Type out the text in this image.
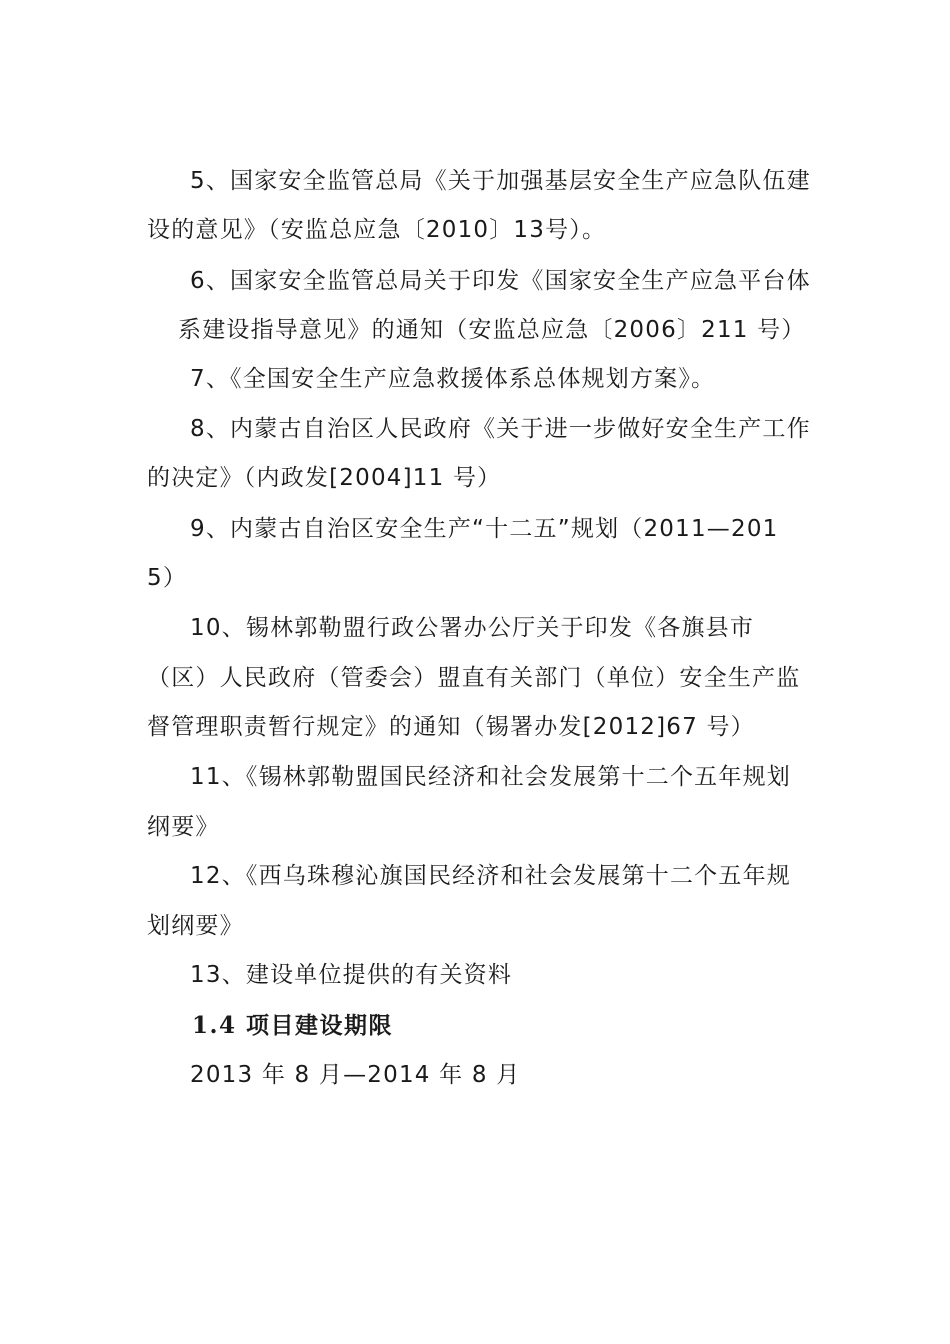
5、国家安全监管总局《关于加强基层安全生产应急队伍建
设的意见》（安监总应急〔2010〕13号）。
6、国家安全监管总局关于印发《国家安全生产应急平台体
系建设指导意见》的通知（安监总应急〔2006〕211 号）
7、《全国安全生产应急救援体系总体规划方案》。
8、内蒙古自治区人民政府《关于进一步做好安全生产工作
的决定》（内政发[2004]11 号）
9、内蒙古自治区安全生产“十二五”规划（2011—201
5）
10、锡林郭勒盟行政公署办公厅关于印发《各旗县市
（区）人民政府（管委会）盟直有关部门（单位）安全生产监
督管理职责暂行规定》的通知（锡署办发[2012]67 号）
11、《锡林郭勒盟国民经济和社会发展第十二个五年规划
纲要》
12、《西乌珠穆沁旗国民经济和社会发展第十二个五年规
划纲要》
13、建设单位提供的有关资料
1.4 项目建设期限
2013 年 8 月—2014 年 8 月
